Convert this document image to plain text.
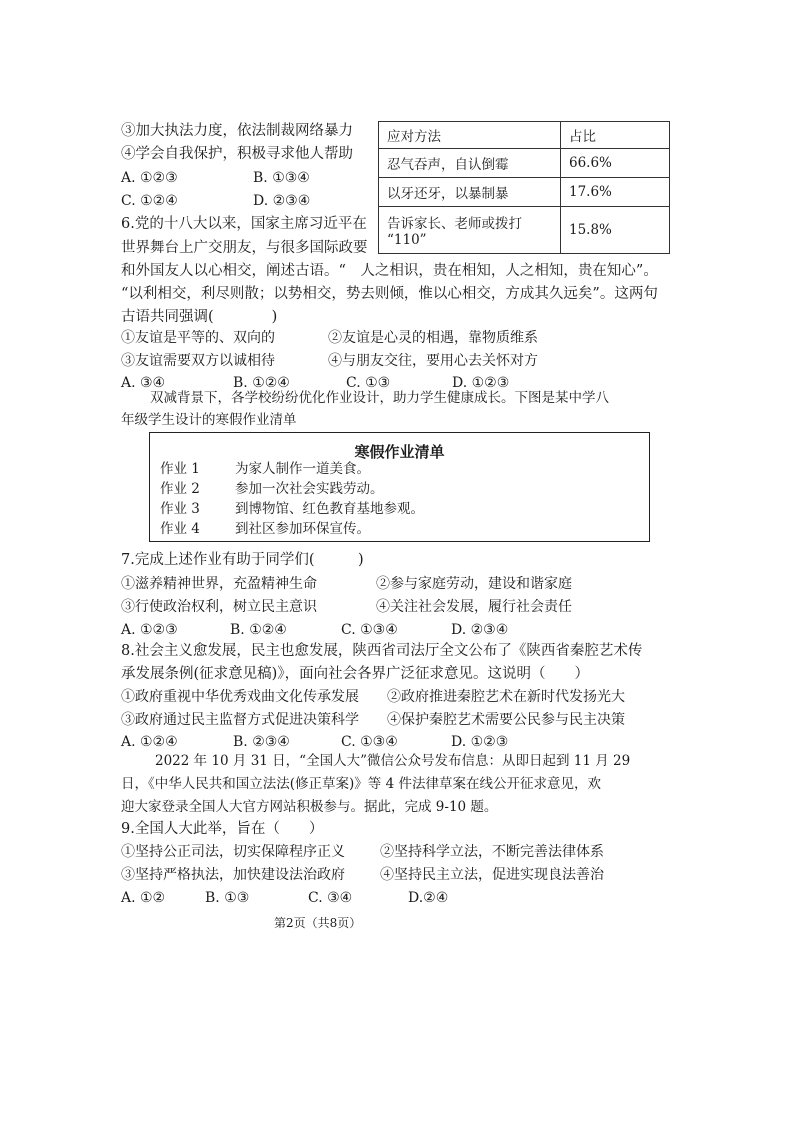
③加大执法力度，依法制裁网络暴力
④学会自我保护，积极寻求他人帮助
A. ①②③	B. ①③④
C. ①②④	D. ②③④
应对方法	占比
忍气吞声，自认倒霉	66.6%
以牙还牙，以暴制暴	17.6%

告诉家长、老师或拨打
“110”	15.8%
6.党的十八大以来，国家主席习近平在
世界舞台上广交朋友，与很多国际政要
和外国友人以心相交，阐述古语。“　人之相识，贵在相知，人之相知，贵在知心”。
“以利相交，利尽则散；以势相交，势去则倾，惟以心相交，方成其久远矣”。这两句
古语共同强调(　　　　)
①友谊是平等的、双向的	②友谊是心灵的相遇，靠物质维系
③友谊需要双方以诚相待	④与朋友交往，要用心去关怀对方
A. ③④	B. ①②④	C. ①③	D. ①②③
双减背景下，各学校纷纷优化作业设计，助力学生健康成长。下图是某中学八
年级学生设计的寒假作业清单
寒假作业清单
作业 1	为家人制作一道美食。
作业 2	参加一次社会实践劳动。
作业 3	到博物馆、红色教育基地参观。
作业 4	到社区参加环保宣传。
7.完成上述作业有助于同学们(　　　)
①滋养精神世界，充盈精神生命	②参与家庭劳动，建设和谐家庭
③行使政治权利，树立民主意识	④关注社会发展，履行社会责任
A. ①②③	B. ①②④	C. ①③④	D. ②③④
8.社会主义愈发展，民主也愈发展，陕西省司法厅全文公布了《陕西省秦腔艺术传
承发展条例(征求意见稿)》，面向社会各界广泛征求意见。这说明（　　）
①政府重视中华优秀戏曲文化传承发展 ②政府推进秦腔艺术在新时代发扬光大
③政府通过民主监督方式促进决策科学 ④保护秦腔艺术需要公民参与民主决策
A. ①②④	B. ②③④	C. ①③④	D. ①②③
2022 年 10 月 31 日，“全国人大”微信公众号发布信息：从即日起到 11 月 29
日，《中华人民共和国立法法(修正草案)》等 4 件法律草案在线公开征求意见，欢
迎大家登录全国人大官方网站积极参与。据此，完成 9-10 题。
9.全国人大此举，旨在（　　）
①坚持公正司法，切实保障程序正义	②坚持科学立法，不断完善法律体系
③坚持严格执法，加快建设法治政府	④坚持民主立法，促进实现良法善治
A. ①②	B. ①③	C. ③④	D.②④
第2页（共8页）
